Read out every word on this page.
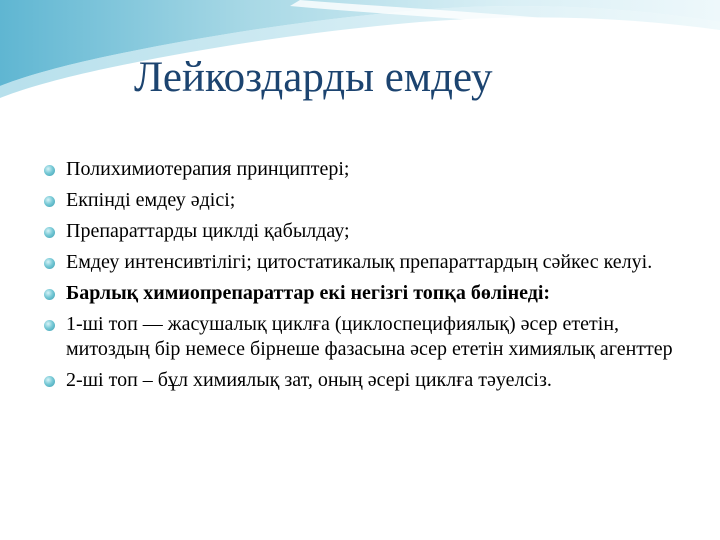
Лейкоздарды емдеу
Полихимиотерапия принциптері;
Екпінді емдеу әдісі;
Препараттарды циклді қабылдау;
Емдеу интенсивтілігі; цитостатикалық препараттардың сәйкес келуі.
Барлық химиопрепараттар екі негізгі топқа бөлінеді:
1-ші топ — жасушалық циклға (циклоспецифиялық) әсер ететін, митоздың бір немесе бірнеше фазасына әсер ететін химиялық агенттер
2-ші топ – бұл химиялық зат, оның әсері циклға тәуелсіз.
